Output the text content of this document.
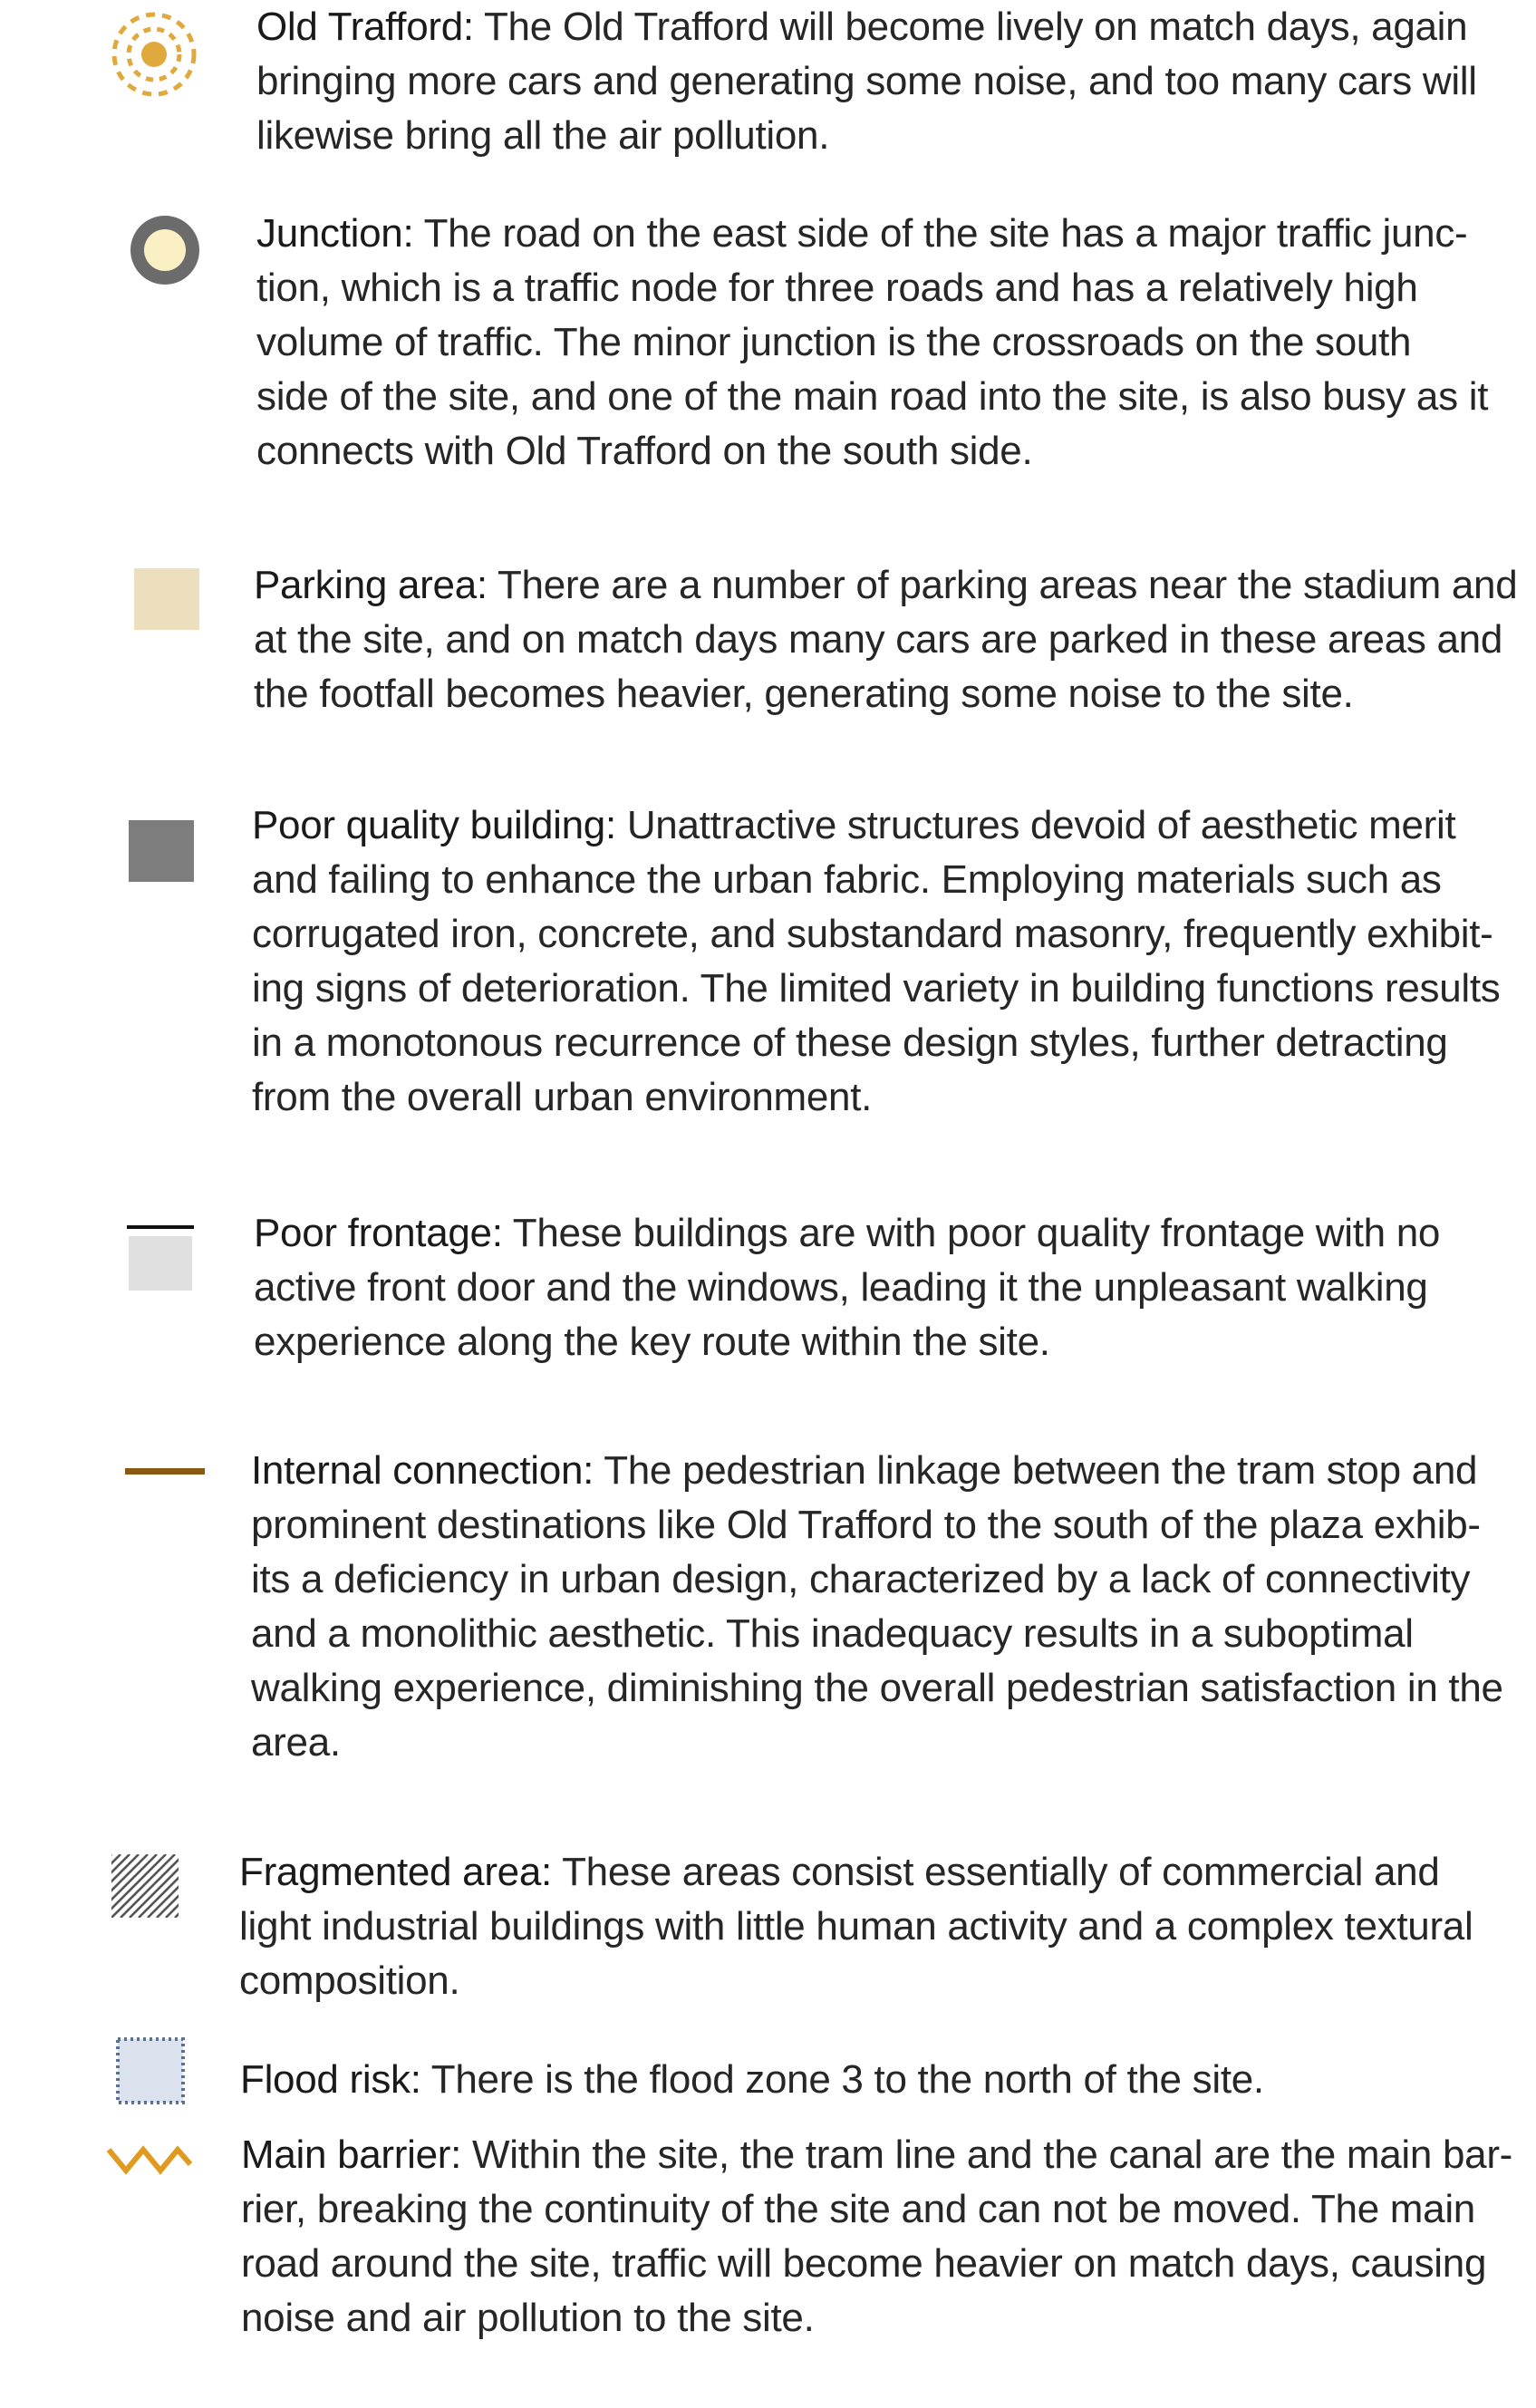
Old Trafford: The Old Trafford will become lively on match days, again
bringing more cars and generating some noise, and too many cars will
likewise bring all the air pollution.

Junction: The road on the east side of the site has a major traffic junc-
tion, which is a traffic node for three roads and has a relatively high
volume of traffic. The minor junction is the crossroads on the south
side of the site, and one of the main road into the site, is also busy as it
connects with Old Trafford on the south side.

Parking area: There are a number of parking areas near the stadium and
at the site, and on match days many cars are parked in these areas and
the footfall becomes heavier, generating some noise to the site.

Poor quality building: Unattractive structures devoid of aesthetic merit
and failing to enhance the urban fabric. Employing materials such as
corrugated iron, concrete, and substandard masonry, frequently exhibit-
ing signs of deterioration. The limited variety in building functions results
in a monotonous recurrence of these design styles, further detracting
from the overall urban environment.

Poor frontage: These buildings are with poor quality frontage with no
active front door and the windows, leading it the unpleasant walking
experience along the key route within the site.

Internal connection: The pedestrian linkage between the tram stop and
prominent destinations like Old Trafford to the south of the plaza exhib-
its a deficiency in urban design, characterized by a lack of connectivity
and a monolithic aesthetic. This inadequacy results in a suboptimal
walking experience, diminishing the overall pedestrian satisfaction in the
area.

Fragmented area: These areas consist essentially of commercial and
light industrial buildings with little human activity and a complex textural
composition.

Flood risk: There is the flood zone 3 to the north of the site.

Main barrier: Within the site, the tram line and the canal are the main bar-
rier, breaking the continuity of the site and can not be moved. The main
road around the site, traffic will become heavier on match days, causing
noise and air pollution to the site.
